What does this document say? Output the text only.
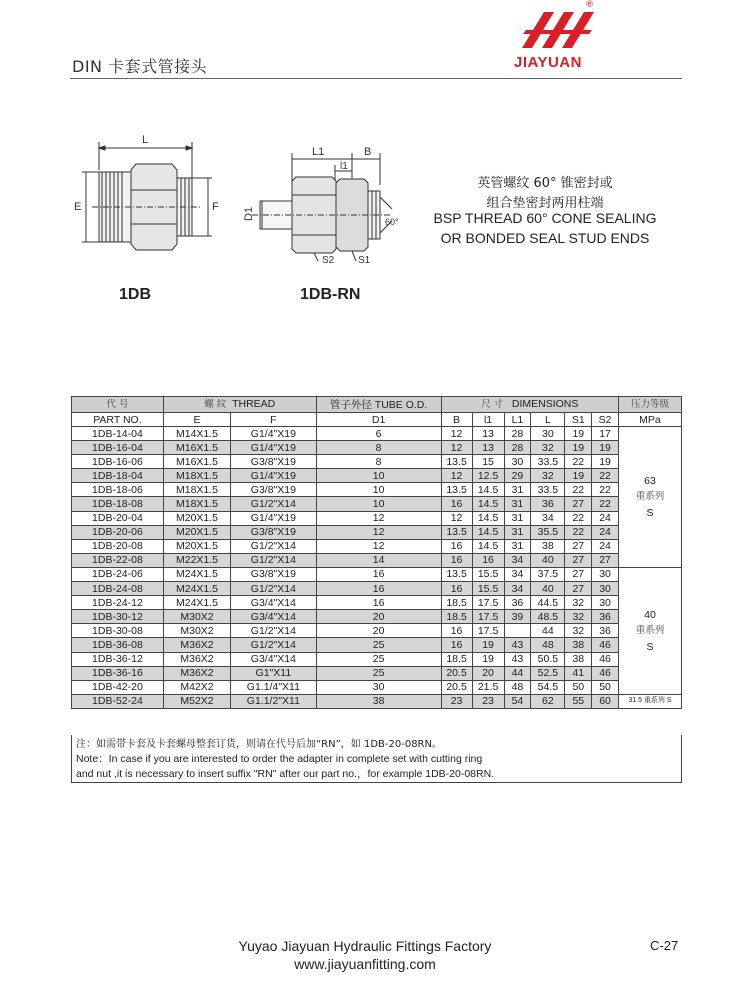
DIN 卡套式管接头
®
JIAYUAN
L
E	F
1DB
L1	B
l1
D1
60°
S2 S1
1DB-RN
英管螺纹 60° 锥密封或
组合垫密封两用柱端
BSP THREAD 60° CONE SEALING
OR BONDED SEAL STUD ENDS
代 号	螺 纹 THREAD		管子外径 TUBE O.D.	尺 寸 DIMENSIONS						压力等级
PART NO.	E	F	D1	B	l1	L1	L	S1	S2	MPa
1DB-14-04	M14X1.5	G1/4"X19	6	12	13	28	30	19	17	63
重系列
S

1DB-16-04	M16X1.5	G1/4"X19	8	12	13	28	32	19	19	
1DB-16-06	M16X1.5	G3/8"X19	8	13.5	15	30	33.5	22	19	
1DB-18-04	M18X1.5	G1/4"X19	10	12	12.5	29	32	19	22	
1DB-18-06	M18X1.5	G3/8"X19	10	13.5	14.5	31	33.5	22	22	
1DB-18-08	M18X1.5	G1/2"X14	10	16	14.5	31	36	27	22	
1DB-20-04	M20X1.5	G1/4"X19	12	12	14.5	31	34	22	24	
1DB-20-06	M20X1.5	G3/8"X19	12	13.5	14.5	31	35.5	22	24	
1DB-20-08	M20X1.5	G1/2"X14	12	16	14.5	31	38	27	24	
1DB-22-08	M22X1.5	G1/2"X14	14	16	16	34	40	27	27	
1DB-24-06	M24X1.5	G3/8"X19	16	13.5	15.5	34	37.5	27	30	40
重系列
S

1DB-24-08	M24X1.5	G1/2"X14	16	16	15.5	34	40	27	30	
1DB-24-12	M24X1.5	G3/4"X14	16	18.5	17.5	36	44.5	32	30	
1DB-30-12	M30X2	G3/4"X14	20	18.5	17.5	39	48.5	32	36	
1DB-30-08	M30X2	G1/2"X14	20	16	17.5		44	32	36	
1DB-36-08	M36X2	G1/2"X14	25	16	19	43	48	38	46	
1DB-36-12	M36X2	G3/4"X14	25	18.5	19	43	50.5	38	46	
1DB-36-16	M36X2	G1"X11	25	20.5	20	44	52.5	41	46	
1DB-42-20	M42X2	G1.1/4"X11	30	20.5	21.5	48	54.5	50	50	
1DB-52-24	M52X2	G1.1/2"X11	38	23	23	54	62	55	60	31.5 重系列 S
注：如需带卡套及卡套螺母整套订货，则请在代号后加“RN”，如 1DB-20-08RN。
Note：In case if you are interested to order the adapter in complete set with cutting ring
and nut ,it is necessary to insert suffix "RN" after our part no.，for example 1DB-20-08RN.
Yuyao Jiayuan Hydraulic Fittings Factory
www.jiayuanfitting.com
C-27
